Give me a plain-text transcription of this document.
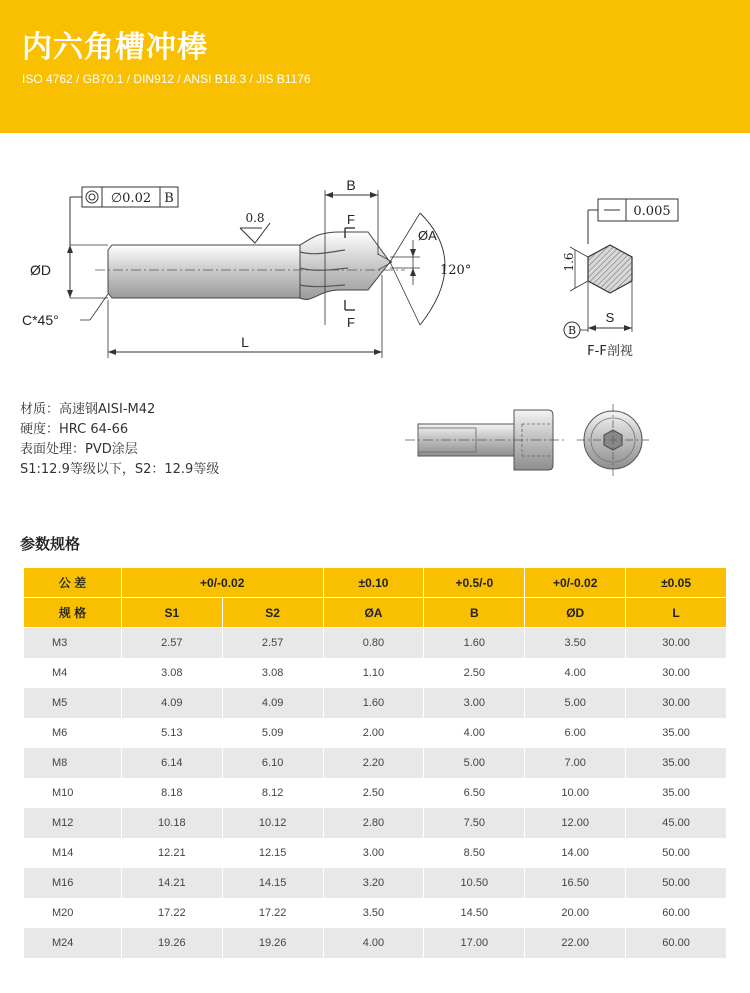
内六角槽冲棒
ISO 4762 / GB70.1 / DIN912 / ANSI B18.3 / JIS B1176
∅0.02 B
ØD
C*45°
L
B
F
F
0.8
ØA
120°
0.005
1.6
S
B
F-F剖视
材质：高速钢AISI-M42
硬度：HRC 64-66
表面处理：PVD涂层
S1:12.9等级以下，S2：12.9等级
参数规格
公 差	+0/-0.02		±0.10	+0.5/-0	+0/-0.02	±0.05
规 格	S1	S2	ØA	B	ØD	L
M3	2.57	2.57	0.80	1.60	3.50	30.00
M4	3.08	3.08	1.10	2.50	4.00	30.00
M5	4.09	4.09	1.60	3.00	5.00	30.00
M6	5.13	5.09	2.00	4.00	6.00	35.00
M8	6.14	6.10	2.20	5.00	7.00	35.00
M10	8.18	8.12	2.50	6.50	10.00	35.00
M12	10.18	10.12	2.80	7.50	12.00	45.00
M14	12.21	12.15	3.00	8.50	14.00	50.00
M16	14.21	14.15	3.20	10.50	16.50	50.00
M20	17.22	17.22	3.50	14.50	20.00	60.00
M24	19.26	19.26	4.00	17.00	22.00	60.00
